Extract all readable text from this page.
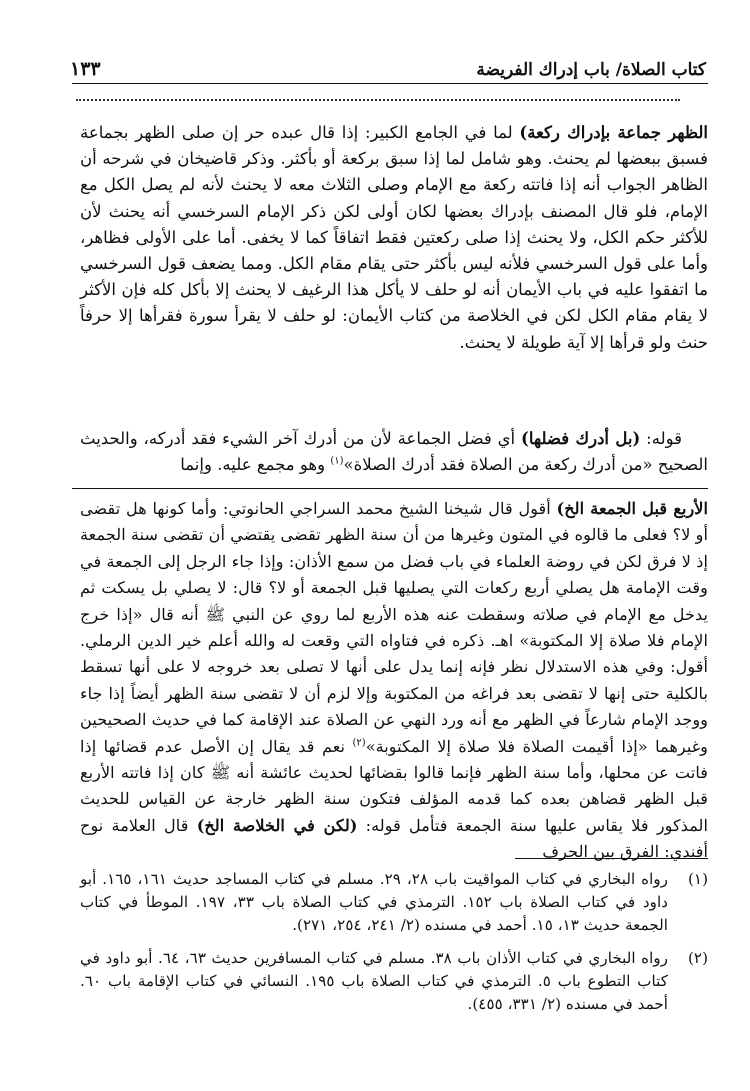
كتاب الصلاة/ باب إدراك الفريضة
١٣٣

الظهر جماعة بإدراك ركعة) لما في الجامع الكبير: إذا قال عبده حر إن صلى الظهر بجماعة فسبق ببعضها لم يحنث. وهو شامل لما إذا سبق بركعة أو بأكثر. وذكر قاضيخان في شرحه أن الظاهر الجواب أنه إذا فاتته ركعة مع الإمام وصلى الثلاث معه لا يحنث لأنه لم يصل الكل مع الإمام، فلو قال المصنف بإدراك بعضها لكان أولى لكن ذكر الإمام السرخسي أنه يحنث لأن للأكثر حكم الكل، ولا يحنث إذا صلى ركعتين فقط اتفاقاً كما لا يخفى. أما على الأولى فظاهر، وأما على قول السرخسي فلأنه ليس بأكثر حتى يقام مقام الكل. ومما يضعف قول السرخسي ما اتفقوا عليه في باب الأيمان أنه لو حلف لا يأكل هذا الرغيف لا يحنث إلا بأكل كله فإن الأكثر لا يقام مقام الكل لكن في الخلاصة من كتاب الأيمان: لو حلف لا يقرأ سورة فقرأها إلا حرفاً حنث ولو قرأها إلا آية طويلة لا يحنث.

قوله: (بل أدرك فضلها) أي فضل الجماعة لأن من أدرك آخر الشيء فقد أدركه، والحديث الصحيح «من أدرك ركعة من الصلاة فقد أدرك الصلاة»$^{(١)}$ وهو مجمع عليه. وإنما

الأربع قبل الجمعة الخ) أقول قال شيخنا الشيخ محمد السراجي الحانوتي: وأما كونها هل تقضى أو لا؟ فعلى ما قالوه في المتون وغيرها من أن سنة الظهر تقضى يقتضي أن تقضى سنة الجمعة إذ لا فرق لكن في روضة العلماء في باب فضل من سمع الأذان: وإذا جاء الرجل إلى الجمعة في وقت الإمامة هل يصلي أربع ركعات التي يصليها قبل الجمعة أو لا؟ قال: لا يصلي بل يسكت ثم يدخل مع الإمام في صلاته وسقطت عنه هذه الأربع لما روي عن النبي ﷺ أنه قال «إذا خرج الإمام فلا صلاة إلا المكتوبة» اهـ. ذكره في فتاواه التي وقعت له والله أعلم خير الدين الرملي. أقول: وفي هذه الاستدلال نظر فإنه إنما يدل على أنها لا تصلى بعد خروجه لا على أنها تسقط بالكلية حتى إنها لا تقضى بعد فراغه من المكتوبة وإلا لزم أن لا تقضى سنة الظهر أيضاً إذا جاء ووجد الإمام شارعاً في الظهر مع أنه ورد النهي عن الصلاة عند الإقامة كما في حديث الصحيحين وغيرهما «إذا أقيمت الصلاة فلا صلاة إلا المكتوبة»$^{(٢)}$ نعم قد يقال إن الأصل عدم قضائها إذا فاتت عن محلها، وأما سنة الظهر فإنما قالوا بقضائها لحديث عائشة أنه ﷺ كان إذا فاتته الأربع قبل الظهر قضاهن بعده كما قدمه المؤلف فتكون سنة الظهر خارجة عن القياس للحديث المذكور فلا يقاس عليها سنة الجمعة فتأمل قوله: (لكن في الخلاصة الخ) قال العلامة نوح أفندي: الفرق بين الحرف

(١)
رواه البخاري في كتاب المواقيت باب ٢٨، ٢٩. مسلم في كتاب المساجد حديث ١٦١، ١٦٥. أبو داود في كتاب الصلاة باب ١٥٢. الترمذي في كتاب الصلاة باب ٣٣، ١٩٧. الموطأ في كتاب الجمعة حديث ١٣، ١٥. أحمد في مسنده (٢/ ٢٤١، ٢٥٤، ٢٧١).
(٢)
رواه البخاري في كتاب الأذان باب ٣٨. مسلم في كتاب المسافرين حديث ٦٣، ٦٤. أبو داود في كتاب التطوع باب ٥. الترمذي في كتاب الصلاة باب ١٩٥. النسائي في كتاب الإقامة باب ٦٠. أحمد في مسنده (٢/ ٣٣١، ٤٥٥).
